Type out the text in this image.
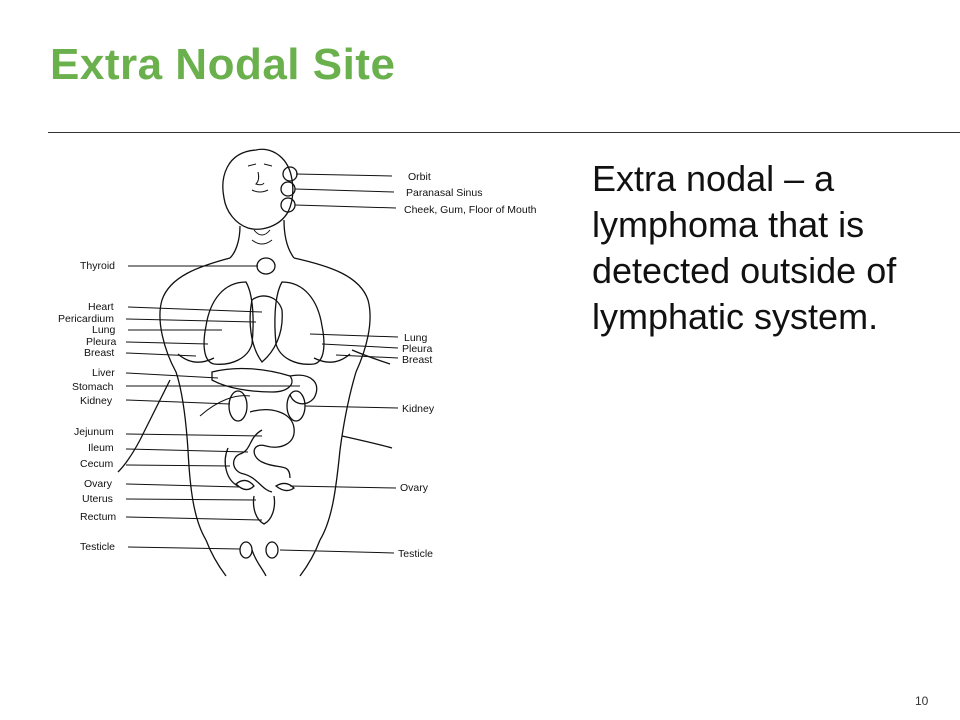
Extra Nodal Site
Orbit
Paranasal Sinus
Cheek, Gum, Floor of Mouth
Lung
Pleura
Breast
Kidney
Ovary
Testicle
Thyroid
Heart
Pericardium
Lung
Pleura
Breast
Liver
Stomach
Kidney
Jejunum
Ileum
Cecum
Ovary
Uterus
Rectum
Testicle

Extra nodal – a lymphoma that is detected outside of lymphatic system.

10
